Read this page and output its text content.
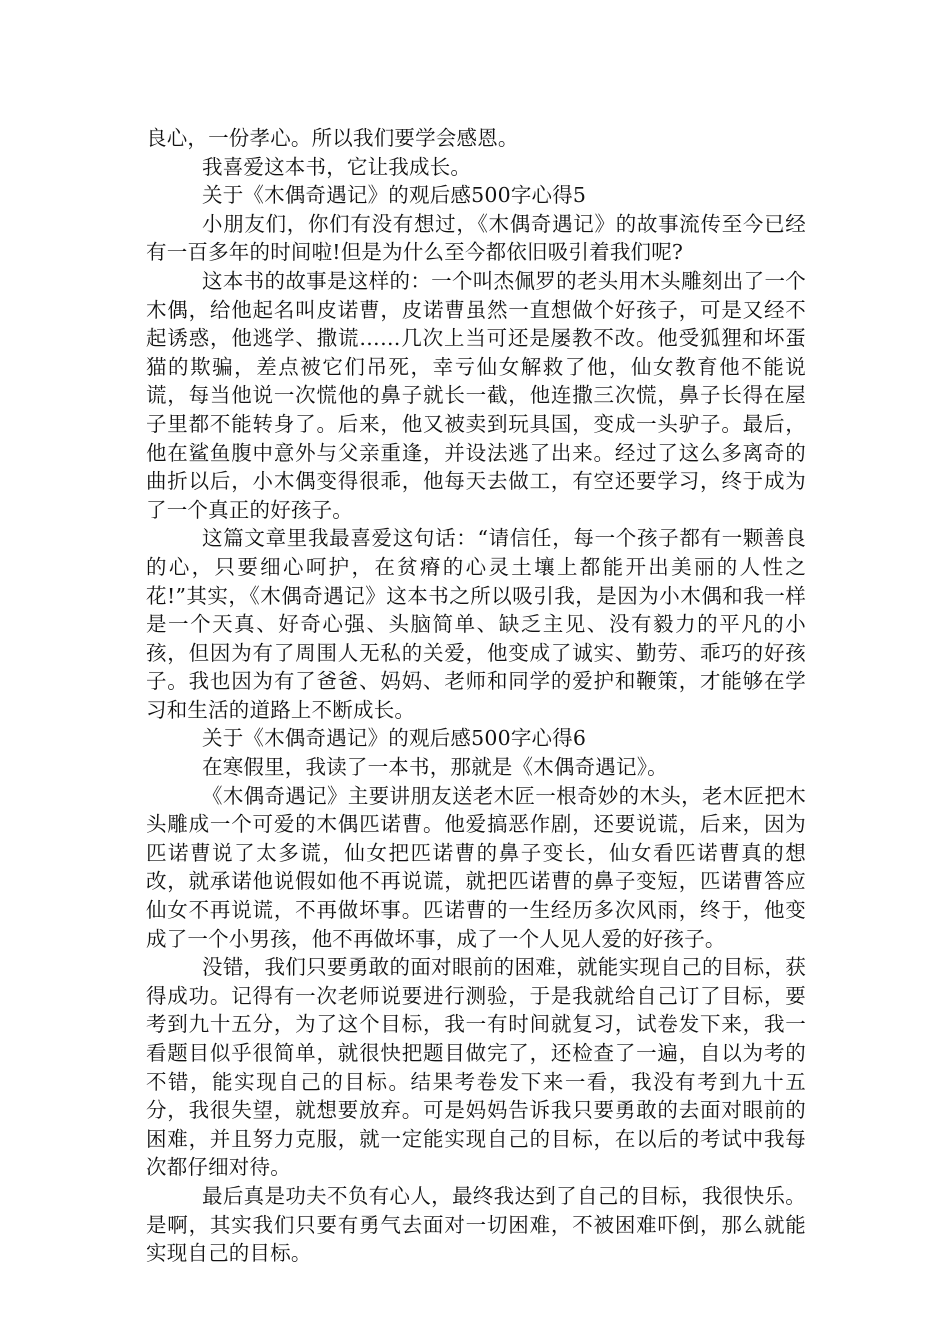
良心，一份孝心。所以我们要学会感恩。

我喜爱这本书，它让我成长。

关于《木偶奇遇记》的观后感500字心得5

小朋友们，你们有没有想过，《木偶奇遇记》的故事流传至今已经有一百多年的时间啦!但是为什么至今都依旧吸引着我们呢?

这本书的故事是这样的：一个叫杰佩罗的老头用木头雕刻出了一个木偶，给他起名叫皮诺曹，皮诺曹虽然一直想做个好孩子，可是又经不起诱惑，他逃学、撒谎……几次上当可还是屡教不改。他受狐狸和坏蛋猫的欺骗，差点被它们吊死，幸亏仙女解救了他，仙女教育他不能说谎，每当他说一次慌他的鼻子就长一截，他连撒三次慌，鼻子长得在屋子里都不能转身了。后来，他又被卖到玩具国，变成一头驴子。最后，他在鲨鱼腹中意外与父亲重逢，并设法逃了出来。经过了这么多离奇的曲折以后，小木偶变得很乖，他每天去做工，有空还要学习，终于成为了一个真正的好孩子。

这篇文章里我最喜爱这句话：“请信任，每一个孩子都有一颗善良的心，只要细心呵护，在贫瘠的心灵土壤上都能开出美丽的人性之花!”其实，《木偶奇遇记》这本书之所以吸引我，是因为小木偶和我一样是一个天真、好奇心强、头脑简单、缺乏主见、没有毅力的平凡的小孩，但因为有了周围人无私的关爱，他变成了诚实、勤劳、乖巧的好孩子。我也因为有了爸爸、妈妈、老师和同学的爱护和鞭策，才能够在学习和生活的道路上不断成长。

关于《木偶奇遇记》的观后感500字心得6

在寒假里，我读了一本书，那就是《木偶奇遇记》。

《木偶奇遇记》主要讲朋友送老木匠一根奇妙的木头，老木匠把木头雕成一个可爱的木偶匹诺曹。他爱搞恶作剧，还要说谎，后来，因为匹诺曹说了太多谎，仙女把匹诺曹的鼻子变长，仙女看匹诺曹真的想改，就承诺他说假如他不再说谎，就把匹诺曹的鼻子变短，匹诺曹答应仙女不再说谎，不再做坏事。匹诺曹的一生经历多次风雨，终于，他变成了一个小男孩，他不再做坏事，成了一个人见人爱的好孩子。

没错，我们只要勇敢的面对眼前的困难，就能实现自己的目标，获得成功。记得有一次老师说要进行测验，于是我就给自己订了目标，要考到九十五分，为了这个目标，我一有时间就复习，试卷发下来，我一看题目似乎很简单，就很快把题目做完了，还检查了一遍，自以为考的不错，能实现自己的目标。结果考卷发下来一看，我没有考到九十五分，我很失望，就想要放弃。可是妈妈告诉我只要勇敢的去面对眼前的困难，并且努力克服，就一定能实现自己的目标，在以后的考试中我每次都仔细对待。

最后真是功夫不负有心人，最终我达到了自己的目标，我很快乐。是啊，其实我们只要有勇气去面对一切困难，不被困难吓倒，那么就能实现自己的目标。
